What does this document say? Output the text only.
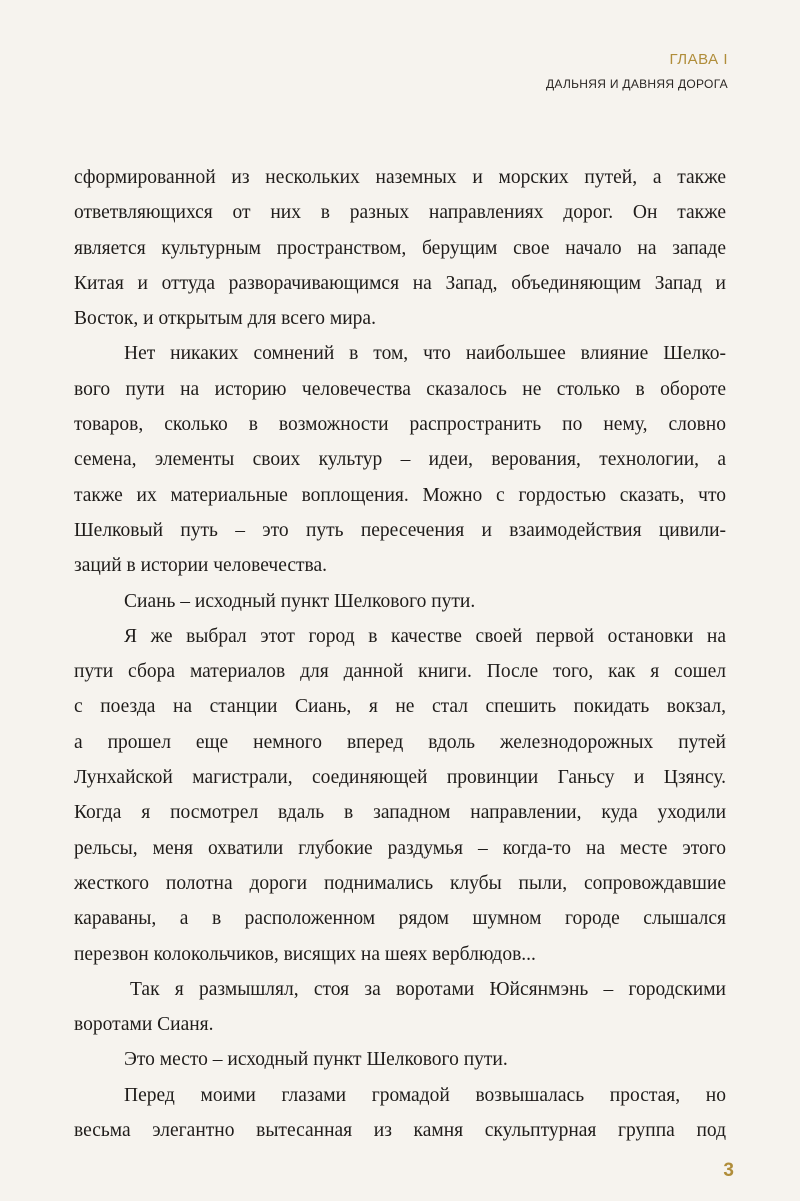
ГЛАВА I
ДАЛЬНЯЯ И ДАВНЯЯ ДОРОГА
сформированной из нескольких наземных и морских путей, а также
ответвляющихся от них в разных направлениях дорог. Он также
является культурным пространством, берущим свое начало на западе
Китая и оттуда разворачивающимся на Запад, объединяющим Запад и
Восток, и открытым для всего мира.
Нет никаких сомнений в том, что наибольшее влияние Шелко-
вого пути на историю человечества сказалось не столько в обороте
товаров, сколько в возможности распространить по нему, словно
семена, элементы своих культур – идеи, верования, технологии, а
также их материальные воплощения. Можно с гордостью сказать, что
Шелковый путь – это путь пересечения и взаимодействия цивили-
заций в истории человечества.
Сиань – исходный пункт Шелкового пути.
Я же выбрал этот город в качестве своей первой остановки на
пути сбора материалов для данной книги. После того, как я сошел
с поезда на станции Сиань, я не стал спешить покидать вокзал,
а прошел еще немного вперед вдоль железнодорожных путей
Лунхайской магистрали, соединяющей провинции Ганьсу и Цзянсу.
Когда я посмотрел вдаль в западном направлении, куда уходили
рельсы, меня охватили глубокие раздумья – когда-то на месте этого
жесткого полотна дороги поднимались клубы пыли, сопровождавшие
караваны, а в расположенном рядом шумном городе слышался
перезвон колокольчиков, висящих на шеях верблюдов...
Так я размышлял, стоя за воротами Юйсянмэнь – городскими
воротами Сианя.
Это место – исходный пункт Шелкового пути.
Перед моими глазами громадой возвышалась простая, но
весьма элегантно вытесанная из камня скульптурная группа под
3
